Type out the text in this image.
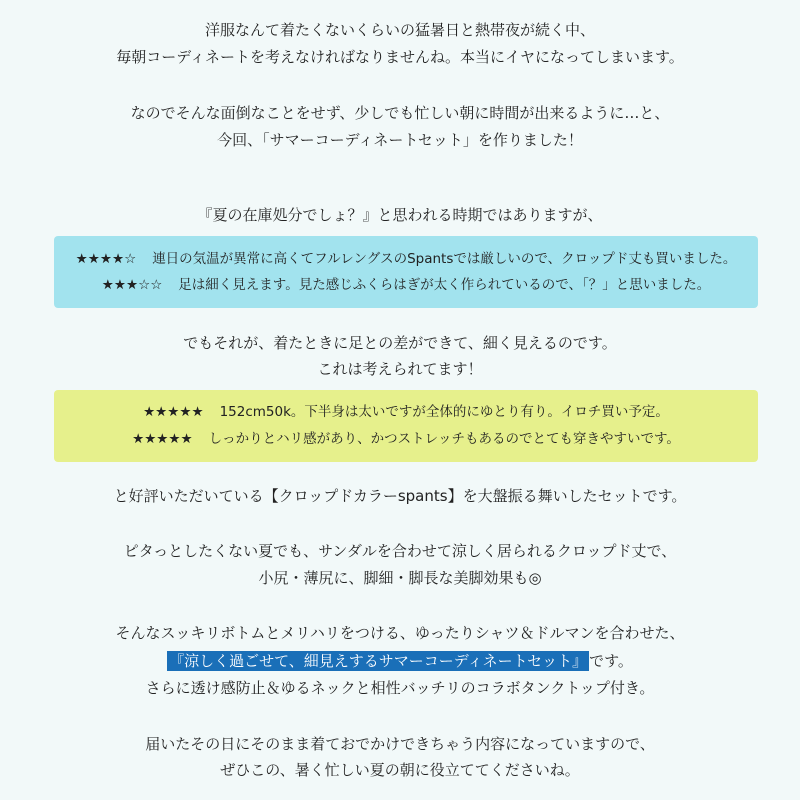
洋服なんて着たくないくらいの猛暑日と熱帯夜が続く中、
毎朝コーディネートを考えなければなりませんね。本当にイヤになってしまいます。
なのでそんな面倒なことをせず、少しでも忙しい朝に時間が出来るように…と、
今回、「サマーコーディネートセット」を作りました！
『夏の在庫処分でしょ？』と思われる時期ではありますが、
★★★★☆ 連日の気温が異常に高くてフルレングスのSpantsでは厳しいので、クロップド丈も買いました。
★★★☆☆ 足は細く見えます。見た感じふくらはぎが太く作られているので、「？」と思いました。
でもそれが、着たときに足との差ができて、細く見えるのです。
これは考えられてます！
★★★★★ 152cm50k。下半身は太いですが全体的にゆとり有り。イロチ買い予定。
★★★★★ しっかりとハリ感があり、かつストレッチもあるのでとても穿きやすいです。
と好評いただいている【クロップドカラーspants】を大盤振る舞いしたセットです。
ピタっとしたくない夏でも、サンダルを合わせて涼しく居られるクロップド丈で、
小尻・薄尻に、脚細・脚長な美脚効果も◎
そんなスッキリボトムとメリハリをつける、ゆったりシャツ＆ドルマンを合わせた、
『涼しく過ごせて、細見えするサマーコーディネートセット』 です。
さらに透け感防止＆ゆるネックと相性バッチリのコラボタンクトップ付き。
届いたその日にそのまま着ておでかけできちゃう内容になっていますので、
ぜひこの、暑く忙しい夏の朝に役立ててくださいね。
